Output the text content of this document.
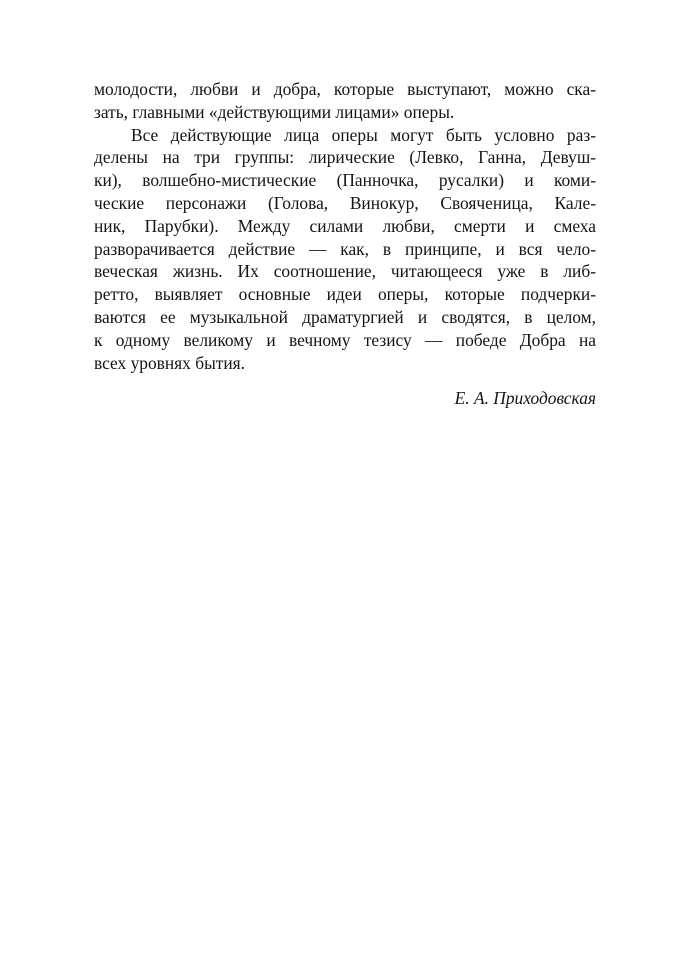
молодости, любви и добра, которые выступают, можно ска-
зать, главными «действующими лицами» оперы.
Все действующие лица оперы могут быть условно раз-
делены на три группы: лирические (Левко, Ганна, Девуш-
ки), волшебно-мистические (Панночка, русалки) и коми-
ческие персонажи (Голова, Винокур, Свояченица, Кале-
ник, Парубки). Между силами любви, смерти и смеха
разворачивается действие — как, в принципе, и вся чело-
веческая жизнь. Их соотношение, читающееся уже в либ-
ретто, выявляет основные идеи оперы, которые подчерки-
ваются ее музыкальной драматургией и сводятся, в целом,
к одному великому и вечному тезису — победе Добра на
всех уровнях бытия.
Е. А. Приходовская
